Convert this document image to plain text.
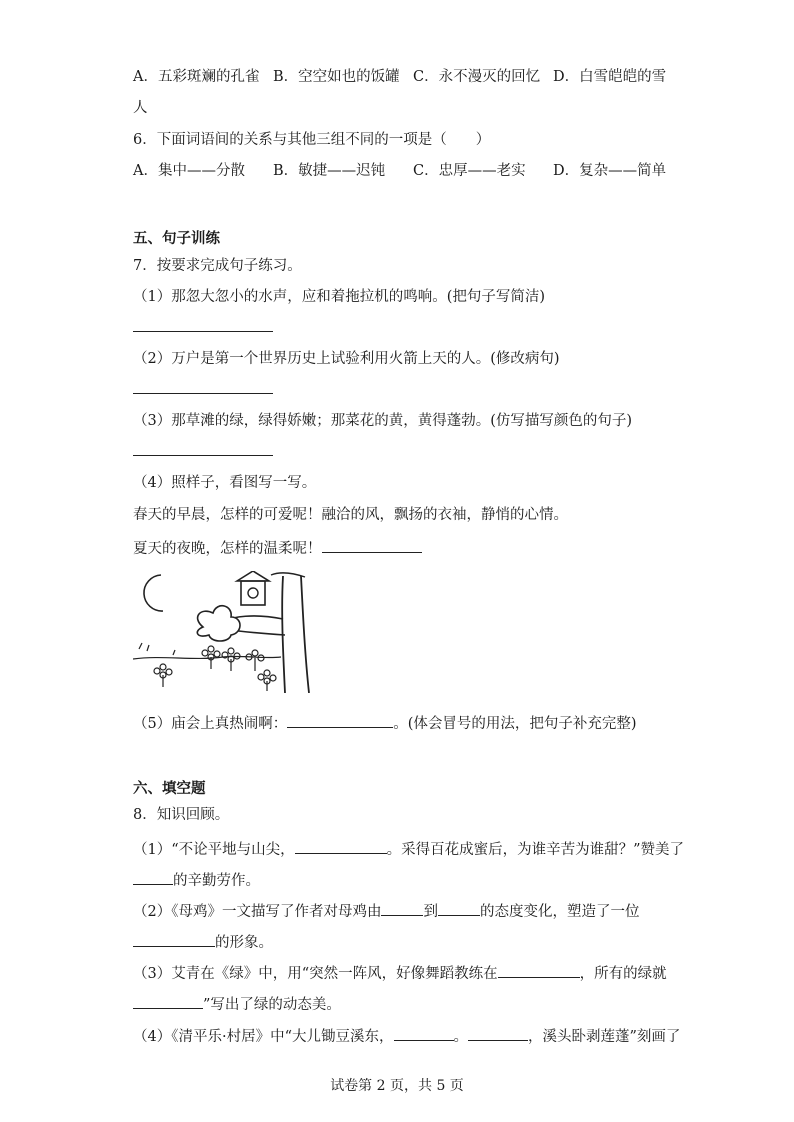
A．五彩斑斓的孔雀 B．空空如也的饭罐 C．永不漫灭的回忆 D．白雪皑皑的雪
人
6．下面词语间的关系与其他三组不同的一项是（　　）
A．集中——分散	B．敏捷——迟钝	C．忠厚——老实	D．复杂——简单
五、句子训练
7．按要求完成句子练习。
（1）那忽大忽小的水声，应和着拖拉机的鸣响。(把句子写简洁)
（2）万户是第一个世界历史上试验利用火箭上天的人。(修改病句)
（3）那草滩的绿，绿得娇嫩；那菜花的黄，黄得蓬勃。(仿写描写颜色的句子)
（4）照样子，看图写一写。
春天的早晨，怎样的可爱呢！融洽的风，飘扬的衣袖，静悄的心情。
夏天的夜晚，怎样的温柔呢！
（5）庙会上真热闹啊：	。(体会冒号的用法，把句子补充完整)
六、填空题
8．知识回顾。
（1）“不论平地与山尖，	。采得百花成蜜后，为谁辛苦为谁甜？”赞美了
的辛勤劳作。
（2）《母鸡》一文描写了作者对母鸡由	到	的态度变化，塑造了一位
的形象。
（3）艾青在《绿》中，用“突然一阵风，好像舞蹈教练在	，所有的绿就
”写出了绿的动态美。
（4）《清平乐·村居》中“大儿锄豆溪东，	。	，溪头卧剥莲蓬”刻画了
试卷第 2 页，共 5 页
